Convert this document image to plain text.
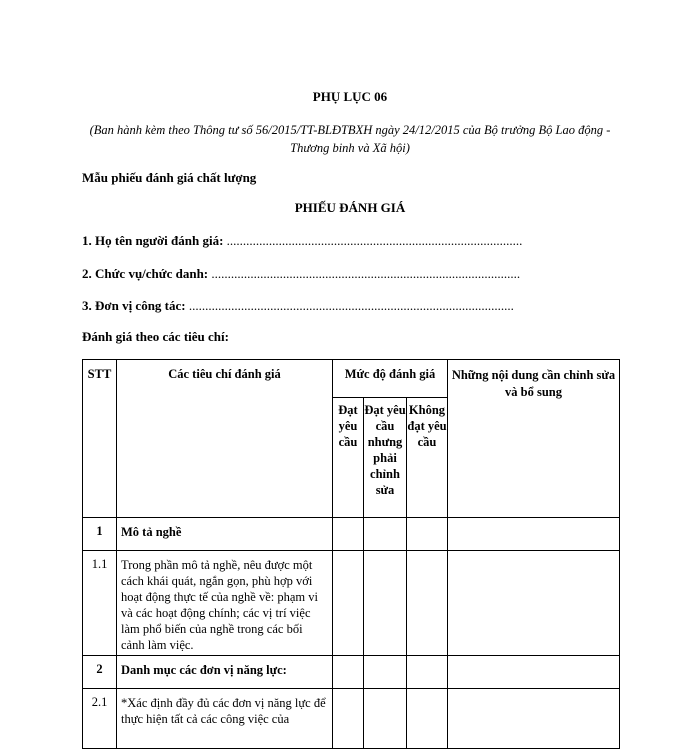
PHỤ LỤC 06
(Ban hành kèm theo Thông tư số 56/2015/TT-BLĐTBXH ngày 24/12/2015 của Bộ trưởng Bộ Lao động - Thương binh và Xã hội)
Mẫu phiếu đánh giá chất lượng
PHIẾU ĐÁNH GIÁ
1. Họ tên người đánh giá: ...........................................................................................
2. Chức vụ/chức danh: ...............................................................................................
3. Đơn vị công tác: ....................................................................................................
Đánh giá theo các tiêu chí:
STT	Các tiêu chí đánh giá	Mức độ đánh giá			Những nội dung cần chỉnh sửa và bổ sung
		Đạt yêu cầu	Đạt yêu cầu nhưng phải chỉnh sửa	Không đạt yêu cầu	
1	Mô tả nghề				
1.1	Trong phần mô tả nghề, nêu được một cách khái quát, ngắn gọn, phù hợp với hoạt động thực tế của nghề về: phạm vi và các hoạt động chính; các vị trí việc làm phổ biến của nghề trong các bối cảnh làm việc.				
2	Danh mục các đơn vị năng lực:				
2.1	*Xác định đầy đủ các đơn vị năng lực để thực hiện tất cả các công việc của				
